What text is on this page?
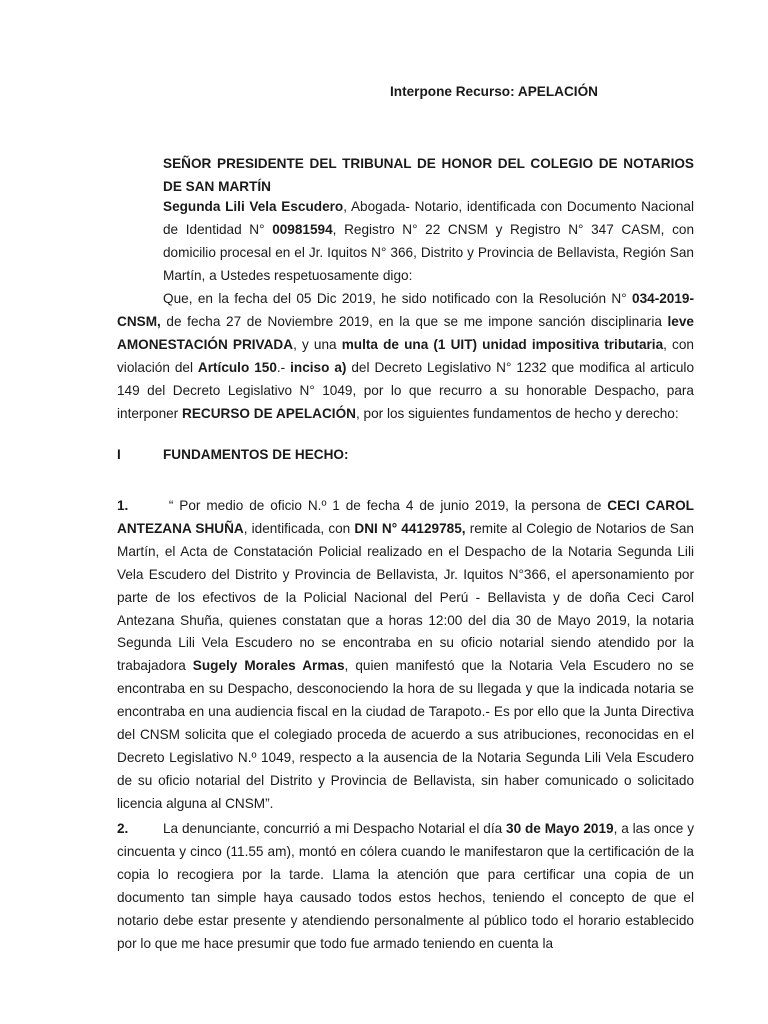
Interpone Recurso: APELACIÓN
SEÑOR PRESIDENTE DEL TRIBUNAL DE HONOR DEL COLEGIO DE NOTARIOS DE SAN MARTÍN
Segunda Lili Vela Escudero, Abogada- Notario, identificada con Documento Nacional de Identidad N° 00981594, Registro N° 22 CNSM y Registro N° 347 CASM, con domicilio procesal en el Jr. Iquitos N° 366, Distrito y Provincia de Bellavista, Región San Martín, a Ustedes respetuosamente digo:
Que, en la fecha del 05 Dic 2019, he sido notificado con la Resolución N° 034-2019-CNSM, de fecha 27 de Noviembre 2019, en la que se me impone sanción disciplinaria leve AMONESTACIÓN PRIVADA, y una multa de una (1 UIT) unidad impositiva tributaria, con violación del Artículo 150.- inciso a) del Decreto Legislativo N° 1232 que modifica al articulo 149 del Decreto Legislativo N° 1049, por lo que recurro a su honorable Despacho, para interponer RECURSO DE APELACIÓN, por los siguientes fundamentos de hecho y derecho:
I	FUNDAMENTOS DE HECHO:
1.	“ Por medio de oficio N.º 1 de fecha 4 de junio 2019, la persona de CECI CAROL ANTEZANA SHUÑA, identificada, con DNI N° 44129785, remite al Colegio de Notarios de San Martín, el Acta de Constatación Policial realizado en el Despacho de la Notaria Segunda Lili Vela Escudero del Distrito y Provincia de Bellavista, Jr. Iquitos N°366, el apersonamiento por parte de los efectivos de la Policial Nacional del Perú - Bellavista y de doña Ceci Carol Antezana Shuña, quienes constatan que a horas 12:00 del dia 30 de Mayo 2019, la notaria Segunda Lili Vela Escudero no se encontraba en su oficio notarial siendo atendido por la trabajadora Sugely Morales Armas, quien manifestó que la Notaria Vela Escudero no se encontraba en su Despacho, desconociendo la hora de su llegada y que la indicada notaria se encontraba en una audiencia fiscal en la ciudad de Tarapoto.- Es por ello que la Junta Directiva del CNSM solicita que el colegiado proceda de acuerdo a sus atribuciones, reconocidas en el Decreto Legislativo N.º 1049, respecto a la ausencia de la Notaria Segunda Lili Vela Escudero de su oficio notarial del Distrito y Provincia de Bellavista, sin haber comunicado o solicitado licencia alguna al CNSM”.
2.	La denunciante, concurrió a mi Despacho Notarial el día 30 de Mayo 2019, a las once y cincuenta y cinco (11.55 am), montó en cólera cuando le manifestaron que la certificación de la copia lo recogiera por la tarde. Llama la atención que para certificar una copia de un documento tan simple haya causado todos estos hechos, teniendo el concepto de que el notario debe estar presente y atendiendo personalmente al público todo el horario establecido por lo que me hace presumir que todo fue armado teniendo en cuenta la
